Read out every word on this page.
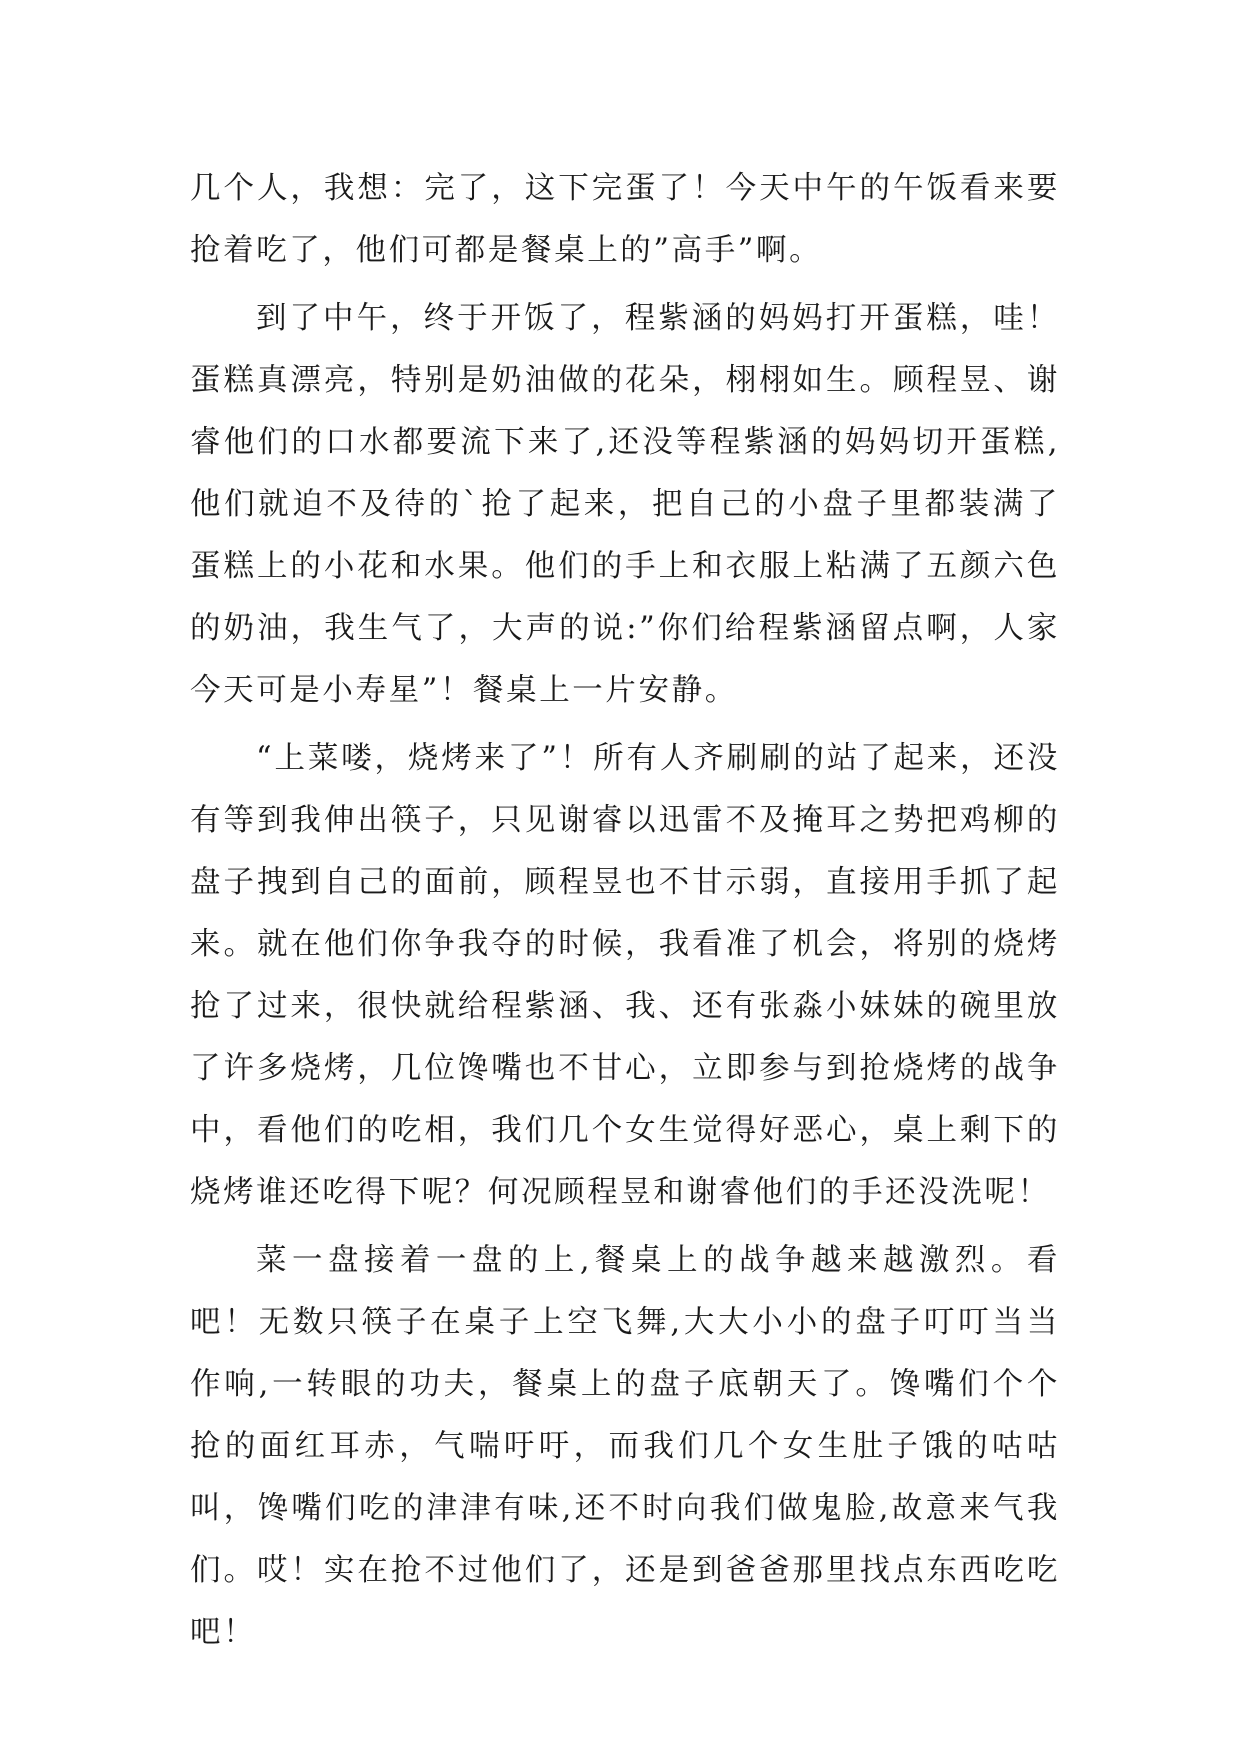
几个人，我想：完了，这下完蛋了！今天中午的午饭看来要抢着吃了，他们可都是餐桌上的”高手”啊。

到了中午，终于开饭了，程紫涵的妈妈打开蛋糕，哇！蛋糕真漂亮，特别是奶油做的花朵，栩栩如生。顾程昱、谢睿他们的口水都要流下来了,还没等程紫涵的妈妈切开蛋糕,他们就迫不及待的`抢了起来，把自己的小盘子里都装满了蛋糕上的小花和水果。他们的手上和衣服上粘满了五颜六色的奶油，我生气了，大声的说:”你们给程紫涵留点啊，人家今天可是小寿星”！餐桌上一片安静。

“上菜喽，烧烤来了”！所有人齐刷刷的站了起来，还没有等到我伸出筷子，只见谢睿以迅雷不及掩耳之势把鸡柳的盘子拽到自己的面前，顾程昱也不甘示弱，直接用手抓了起来。就在他们你争我夺的时候，我看准了机会，将别的烧烤抢了过来，很快就给程紫涵、我、还有张淼小妹妹的碗里放了许多烧烤，几位馋嘴也不甘心，立即参与到抢烧烤的战争中，看他们的吃相，我们几个女生觉得好恶心，桌上剩下的烧烤谁还吃得下呢？何况顾程昱和谢睿他们的手还没洗呢！

菜一盘接着一盘的上,餐桌上的战争越来越激烈。看吧！无数只筷子在桌子上空飞舞,大大小小的盘子叮叮当当作响,一转眼的功夫，餐桌上的盘子底朝天了。馋嘴们个个抢的面红耳赤，气喘吁吁，而我们几个女生肚子饿的咕咕叫，馋嘴们吃的津津有味,还不时向我们做鬼脸,故意来气我们。哎！实在抢不过他们了，还是到爸爸那里找点东西吃吃吧！
